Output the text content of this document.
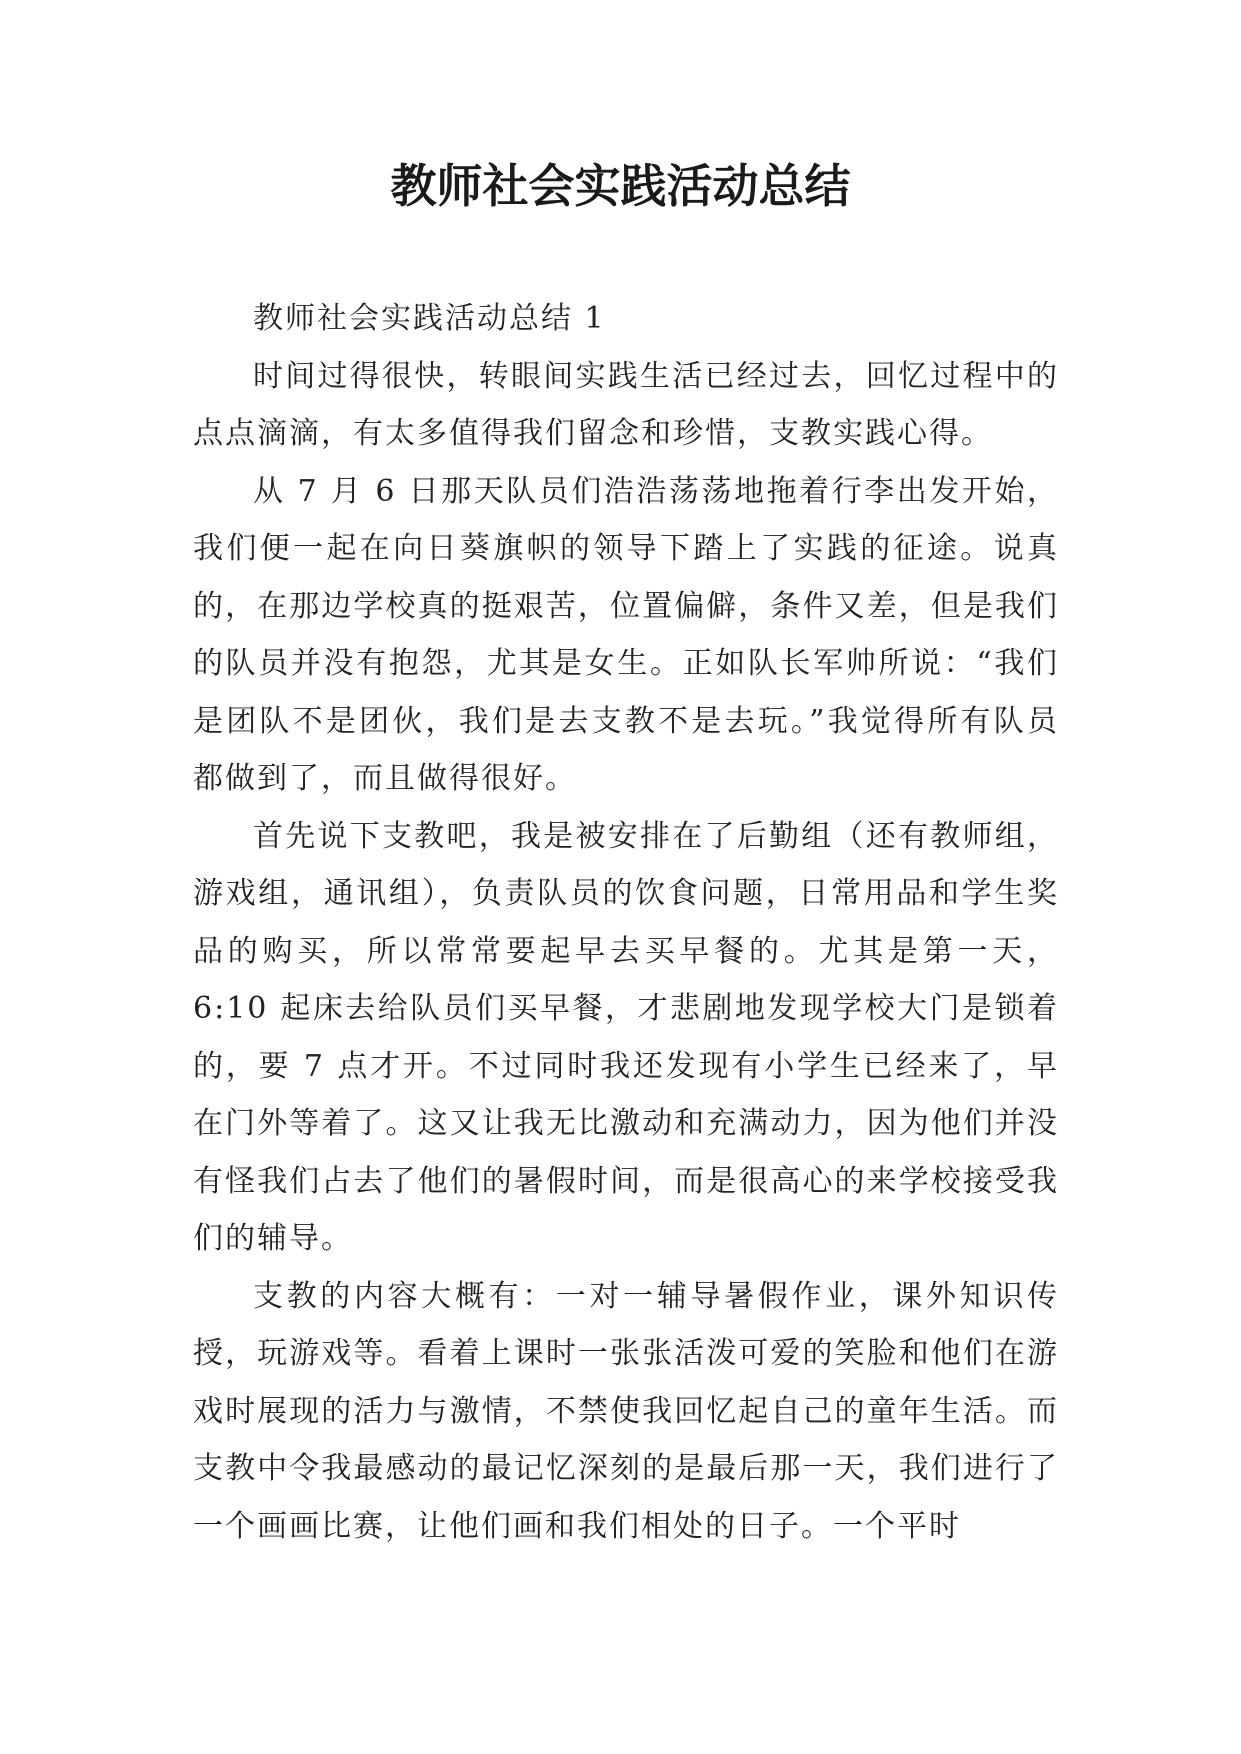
教师社会实践活动总结

教师社会实践活动总结 1

时间过得很快，转眼间实践生活已经过去，回忆过程中的点点滴滴，有太多值得我们留念和珍惜，支教实践心得。

从 7 月 6 日那天队员们浩浩荡荡地拖着行李出发开始，我们便一起在向日葵旗帜的领导下踏上了实践的征途。说真的，在那边学校真的挺艰苦，位置偏僻，条件又差，但是我们的队员并没有抱怨，尤其是女生。正如队长军帅所说：“我们是团队不是团伙，我们是去支教不是去玩。”我觉得所有队员都做到了，而且做得很好。

首先说下支教吧，我是被安排在了后勤组（还有教师组，游戏组，通讯组），负责队员的饮食问题，日常用品和学生奖品的购买，所以常常要起早去买早餐的。尤其是第一天，6:10 起床去给队员们买早餐，才悲剧地发现学校大门是锁着的，要 7 点才开。不过同时我还发现有小学生已经来了，早在门外等着了。这又让我无比激动和充满动力，因为他们并没有怪我们占去了他们的暑假时间，而是很高心的来学校接受我们的辅导。

支教的内容大概有：一对一辅导暑假作业，课外知识传授，玩游戏等。看着上课时一张张活泼可爱的笑脸和他们在游戏时展现的活力与激情，不禁使我回忆起自己的童年生活。而支教中令我最感动的最记忆深刻的是最后那一天，我们进行了一个画画比赛，让他们画和我们相处的日子。一个平时
